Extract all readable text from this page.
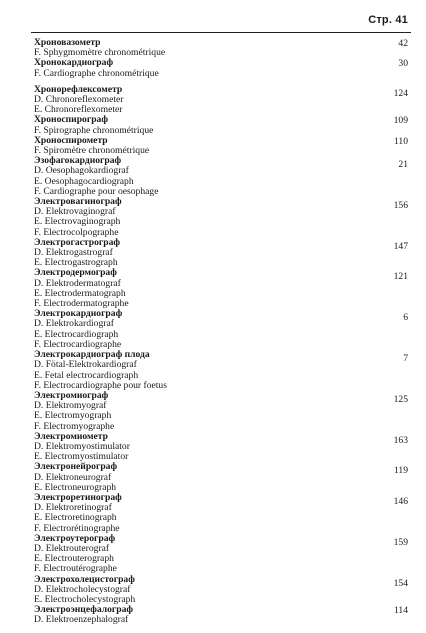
Стр. 41
Хроновазометр	42
F. Sphygmomètre chronométrique
Хронокардиограф	30
F. Cardiographe chronométrique
Хронорефлексометр	124
D. Chronoreflexometer
E. Chronoreflexometer
Хроноспирограф	109
F. Spirographe chronométrique
Хроноспирометр	110
F. Spiromètre chronométrique
Эзофагокардиограф	21
D. Oesophagokardiograf
E. Oesophagocardiograph
F. Cardiographe pour oesophage
Электровагинограф	156
D. Elektrovaginograf
E. Electrovaginograph
F. Electrocolpographe
Электрогастрограф	147
D. Elektrogastrograf
E. Electrogastrograph
Электродермограф	121
D. Elektrodermatograf
E. Electrodermatograph
F. Electrodermatographe
Электрокардиограф	6
D. Elektrokardiograf
E. Electrocardiograph
F. Electrocardiographe
Электрокардиограф плода	7
D. Fötal-Elektrokardiograf
E. Fetal electrocardiograph
F. Electrocardiographe pour foetus
Электромиограф	125
D. Elektromyograf
E. Electromyograph
F. Electromyographe
Электромиометр	163
D. Elektromyostimulator
E. Electromyostimulator
Электронейрограф	119
D. Elektroneurograf
E. Electroneurograph
Электроретинограф	146
D. Elektroretinograf
E. Electroretinograph
F. Electrorétinographe
Электроутерограф	159
D. Elektrouterograf
E. Electrouterograph
F. Electroutérographe
Электрохолецистограф	154
D. Elektrocholecystograf
E. Electrocholecystograph
Электроэнцефалограф	114
D. Elektroenzephalograf
